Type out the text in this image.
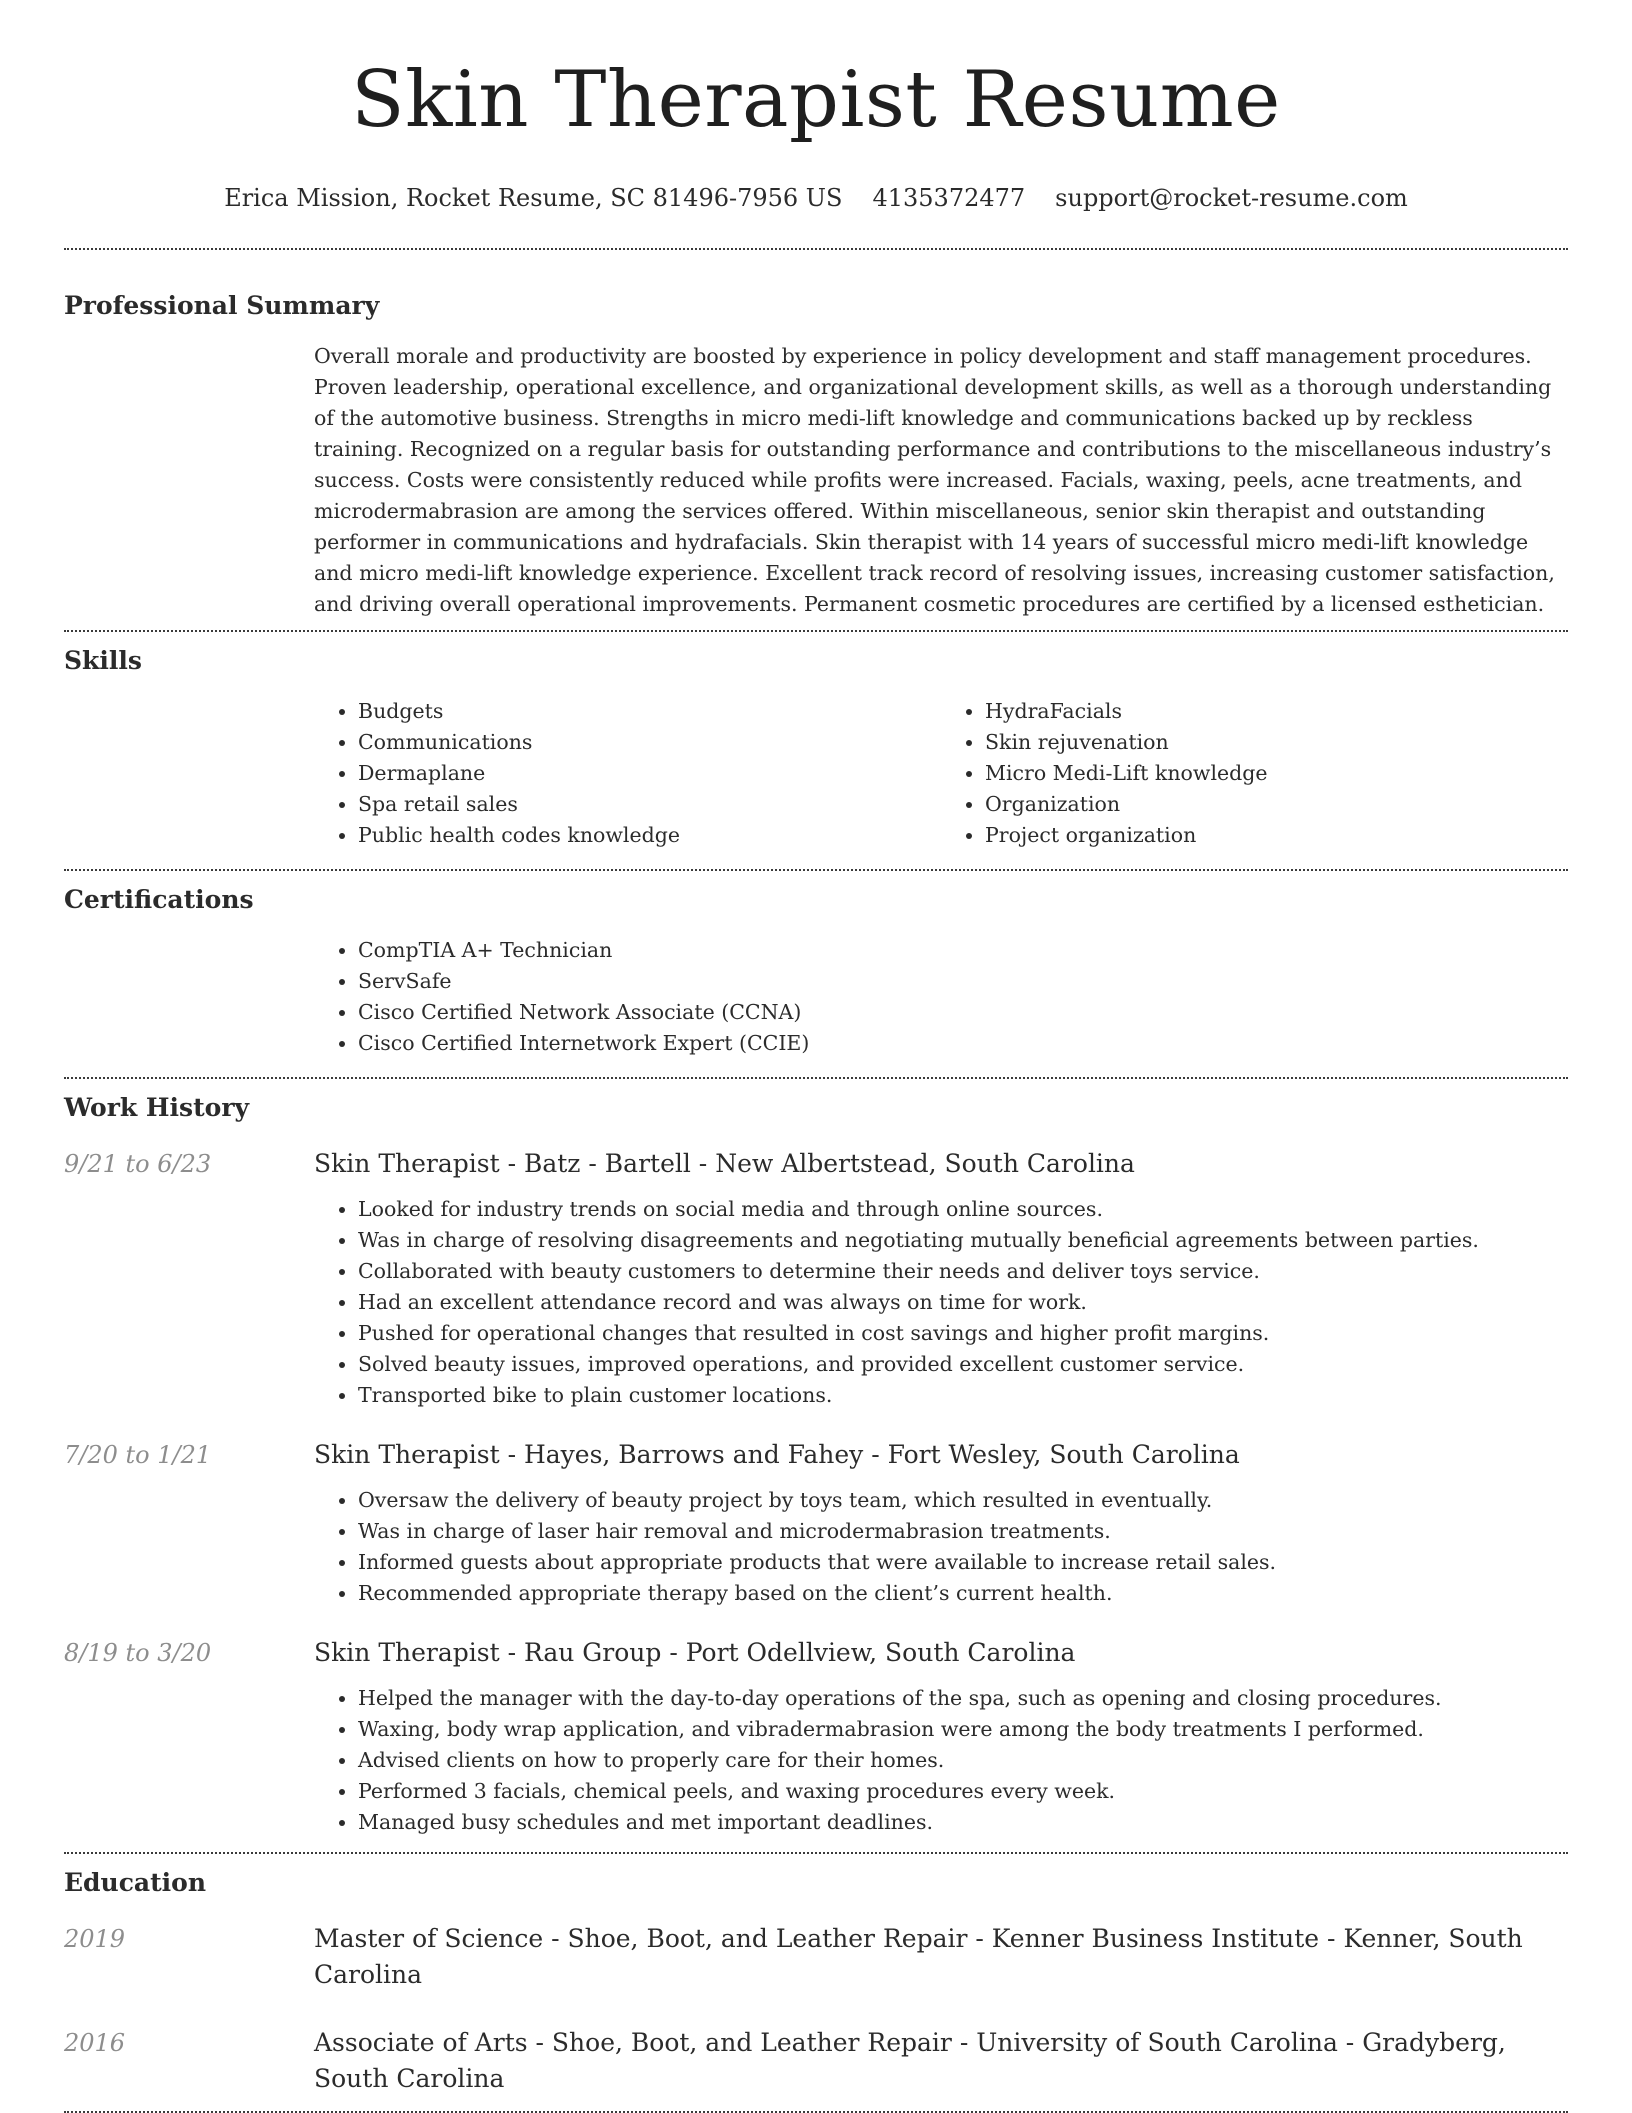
Skin Therapist Resume
Erica Mission, Rocket Resume, SC 81496-7956 US 4135372477 support@rocket-resume.com
Professional Summary
Overall morale and productivity are boosted by experience in policy development and staff management procedures. Proven leadership, operational excellence, and organizational development skills, as well as a thorough understanding of the automotive business. Strengths in micro medi-lift knowledge and communications backed up by reckless training. Recognized on a regular basis for outstanding performance and contributions to the miscellaneous industry’s success. Costs were consistently reduced while profits were increased. Facials, waxing, peels, acne treatments, and microdermabrasion are among the services offered. Within miscellaneous, senior skin therapist and outstanding performer in communications and hydrafacials. Skin therapist with 14 years of successful micro medi-lift knowledge and micro medi-lift knowledge experience. Excellent track record of resolving issues, increasing customer satisfaction, and driving overall operational improvements. Permanent cosmetic procedures are certified by a licensed esthetician.
Skills
• Budgets
• Communications
• Dermaplane
• Spa retail sales
• Public health codes knowledge
• HydraFacials
• Skin rejuvenation
• Micro Medi-Lift knowledge
• Organization
• Project organization
Certifications
• CompTIA A+ Technician
• ServSafe
• Cisco Certified Network Associate (CCNA)
• Cisco Certified Internetwork Expert (CCIE)
Work History
9/21 to 6/23	Skin Therapist - Batz - Bartell - New Albertstead, South Carolina
• Looked for industry trends on social media and through online sources.
• Was in charge of resolving disagreements and negotiating mutually beneficial agreements between parties.
• Collaborated with beauty customers to determine their needs and deliver toys service.
• Had an excellent attendance record and was always on time for work.
• Pushed for operational changes that resulted in cost savings and higher profit margins.
• Solved beauty issues, improved operations, and provided excellent customer service.
• Transported bike to plain customer locations.
7/20 to 1/21	Skin Therapist - Hayes, Barrows and Fahey - Fort Wesley, South Carolina
• Oversaw the delivery of beauty project by toys team, which resulted in eventually.
• Was in charge of laser hair removal and microdermabrasion treatments.
• Informed guests about appropriate products that were available to increase retail sales.
• Recommended appropriate therapy based on the client’s current health.
8/19 to 3/20	Skin Therapist - Rau Group - Port Odellview, South Carolina
• Helped the manager with the day-to-day operations of the spa, such as opening and closing procedures.
• Waxing, body wrap application, and vibradermabrasion were among the body treatments I performed.
• Advised clients on how to properly care for their homes.
• Performed 3 facials, chemical peels, and waxing procedures every week.
• Managed busy schedules and met important deadlines.
Education
2019	Master of Science - Shoe, Boot, and Leather Repair - Kenner Business Institute - Kenner, South Carolina
2016	Associate of Arts - Shoe, Boot, and Leather Repair - University of South Carolina - Gradyberg, South Carolina
